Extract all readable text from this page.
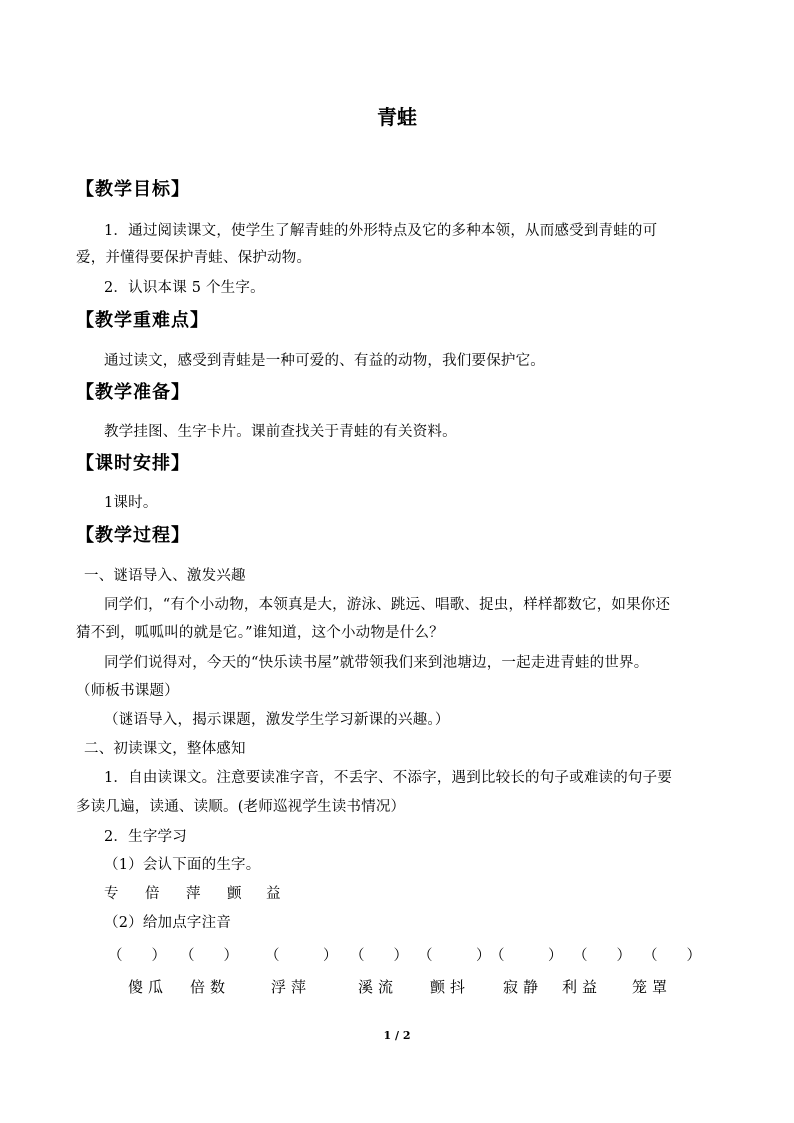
青蛙
【教学目标】
1．通过阅读课文，使学生了解青蛙的外形特点及它的多种本领，从而感受到青蛙的可
爱，并懂得要保护青蛙、保护动物。
2．认识本课 5 个生字。
【教学重难点】
通过读文，感受到青蛙是一种可爱的、有益的动物，我们要保护它。
【教学准备】
教学挂图、生字卡片。课前查找关于青蛙的有关资料。
【课时安排】
1课时。
【教学过程】
一、谜语导入、激发兴趣
同学们，“有个小动物，本领真是大，游泳、跳远、唱歌、捉虫，样样都数它，如果你还
猜不到，呱呱叫的就是它。”谁知道，这个小动物是什么？
同学们说得对，今天的“快乐读书屋”就带领我们来到池塘边，一起走进青蛙的世界。
（师板书课题）
（谜语导入，揭示课题，激发学生学习新课的兴趣。）
二、初读课文，整体感知
1．自由读课文。注意要读准字音，不丢字、不添字，遇到比较长的句子或难读的句子要
多读几遍，读通、读顺。(老师巡视学生读书情况）
2．生字学习
（1）会认下面的生字。
专 倍 萍 颤 益
（2）给加点字注音
（　　） （　　） （　　　） （　　） （　　　） （　　　） （　　） （　　）
傻瓜 倍数	浮萍	溪流 颤抖 寂静 利益 笼罩
1 / 2
